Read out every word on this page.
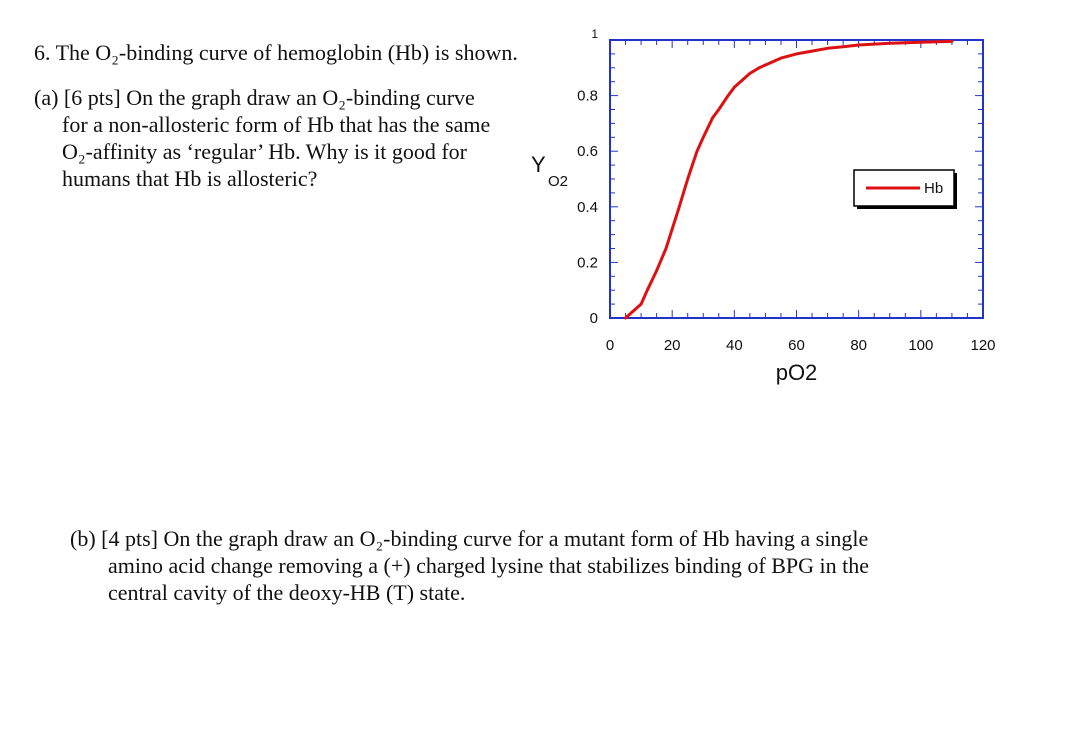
6. The O₂-binding curve of hemoglobin (Hb) is shown.
(a) [6 pts] On the graph draw an O₂-binding curve
for a non-allosteric form of Hb that has the same
O₂-affinity as ‘regular’ Hb. Why is it good for
humans that Hb is allosteric?
(b) [4 pts] On the graph draw an O₂-binding curve for a mutant form of Hb having a single
amino acid change removing a (+) charged lysine that stabilizes binding of BPG in the
central cavity of the deoxy-HB (T) state.
0	20	40	60	80	100 120
0
0.2
0.4
0.6
0.8
1
pO2
Y
O2	Hb
